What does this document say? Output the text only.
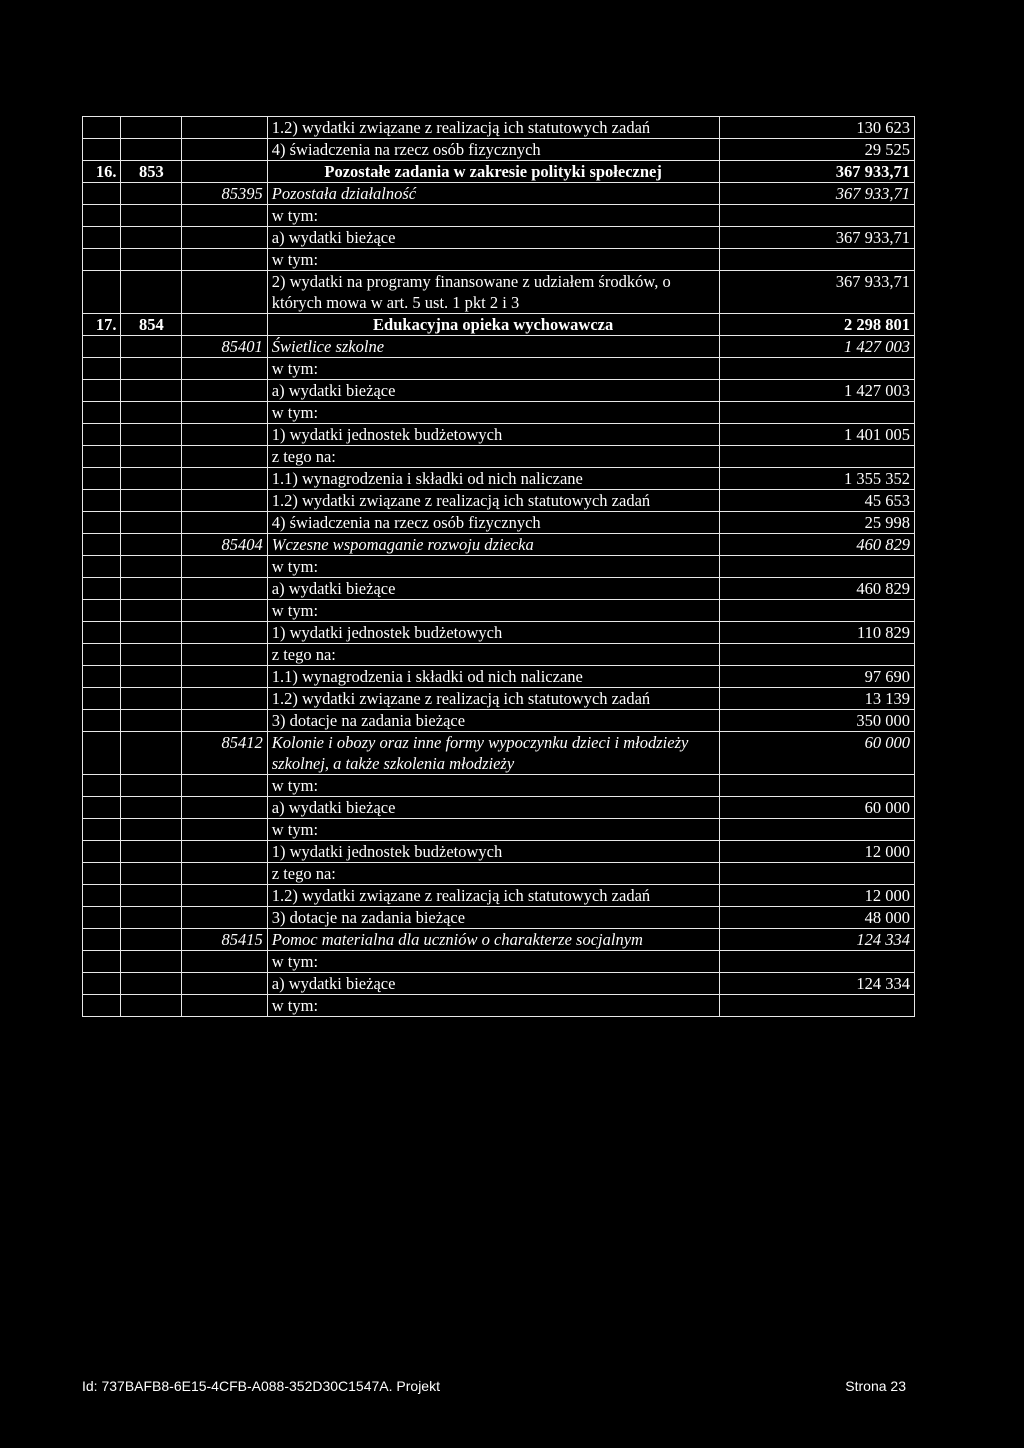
			1.2) wydatki związane z realizacją ich statutowych zadań	130 623
			4) świadczenia na rzecz osób fizycznych	29 525
16.	853		Pozostałe zadania w zakresie polityki społecznej	367 933,71
		85395	Pozostała działalność	367 933,71
			w tym:	
			a) wydatki bieżące	367 933,71
			w tym:	
			2) wydatki na programy finansowane z udziałem środków, o których mowa w art. 5 ust. 1 pkt 2 i 3	367 933,71
17.	854		Edukacyjna opieka wychowawcza	2 298 801
		85401	Świetlice szkolne	1 427 003
			w tym:	
			a) wydatki bieżące	1 427 003
			w tym:	
			1) wydatki jednostek budżetowych	1 401 005
			z tego na:	
			1.1) wynagrodzenia i składki od nich naliczane	1 355 352
			1.2) wydatki związane z realizacją ich statutowych zadań	45 653
			4) świadczenia na rzecz osób fizycznych	25 998
		85404	Wczesne wspomaganie rozwoju dziecka	460 829
			w tym:	
			a) wydatki bieżące	460 829
			w tym:	
			1) wydatki jednostek budżetowych	110 829
			z tego na:	
			1.1) wynagrodzenia i składki od nich naliczane	97 690
			1.2) wydatki związane z realizacją ich statutowych zadań	13 139
			3) dotacje na zadania bieżące	350 000
		85412	Kolonie i obozy oraz inne formy wypoczynku dzieci i młodzieży szkolnej, a także szkolenia młodzieży	60 000
			w tym:	
			a) wydatki bieżące	60 000
			w tym:	
			1) wydatki jednostek budżetowych	12 000
			z tego na:	
			1.2) wydatki związane z realizacją ich statutowych zadań	12 000
			3) dotacje na zadania bieżące	48 000
		85415	Pomoc materialna dla uczniów o charakterze socjalnym	124 334
			w tym:	
			a) wydatki bieżące	124 334
			w tym:	
Id: 737BAFB8-6E15-4CFB-A088-352D30C1547A. Projekt	Strona 23
